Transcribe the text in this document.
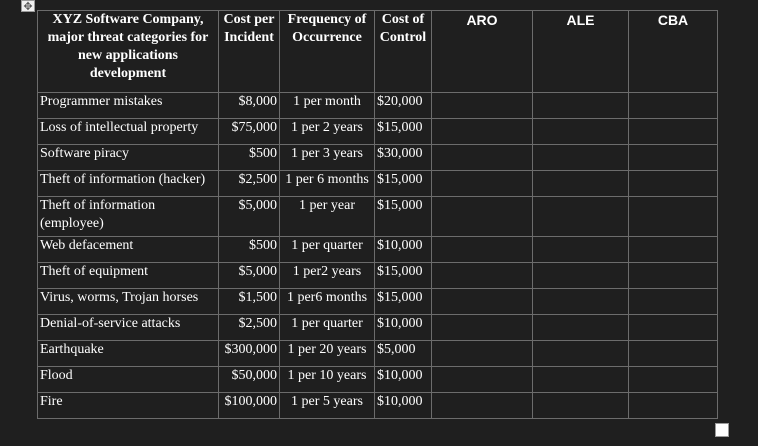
✥
XYZ Software Company, major threat categories for new applications development	Cost per Incident	Frequency of Occurrence	Cost of Control	ARO	ALE	CBA
Programmer mistakes	$8,000	1 per month	$20,000			
Loss of intellectual property	$75,000	1 per 2 years	$15,000			
Software piracy	$500	1 per 3 years	$30,000			
Theft of information (hacker)	$2,500	1 per 6 months	$15,000			
Theft of information (employee)	$5,000	1 per year	$15,000			
Web defacement	$500	1 per quarter	$10,000			
Theft of equipment	$5,000	1 per2 years	$15,000			
Virus, worms, Trojan horses	$1,500	1 per6 months	$15,000			
Denial-of-service attacks	$2,500	1 per quarter	$10,000			
Earthquake	$300,000	1 per 20 years	$5,000			
Flood	$50,000	1 per 10 years	$10,000			
Fire	$100,000	1 per 5 years	$10,000			
